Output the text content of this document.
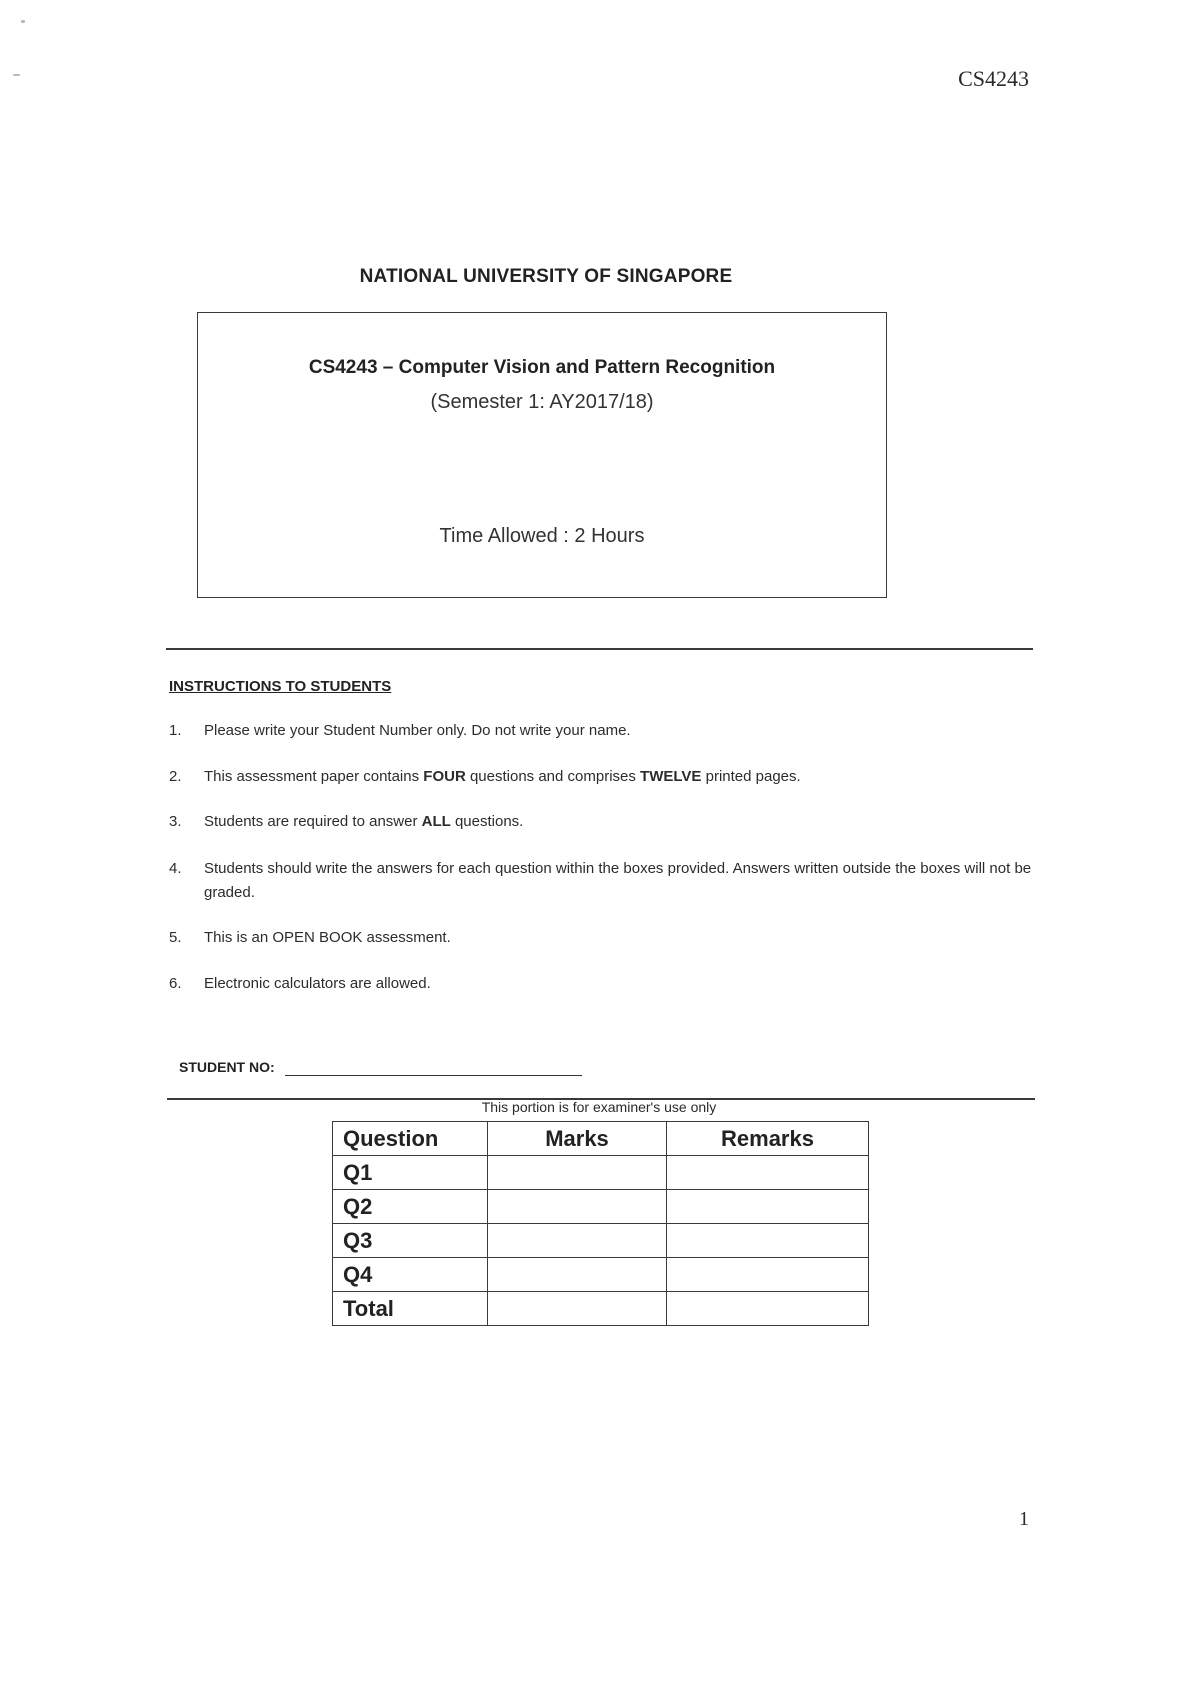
CS4243
NATIONAL UNIVERSITY OF SINGAPORE
CS4243 – Computer Vision and Pattern Recognition
(Semester 1: AY2017/18)
Time Allowed : 2 Hours
INSTRUCTIONS TO STUDENTS
1.	Please write your Student Number only. Do not write your name.
2.	This assessment paper contains FOUR questions and comprises TWELVE printed pages.
3.	Students are required to answer ALL questions.
4.	Students should write the answers for each question within the boxes provided. Answers written outside the boxes will not be graded.
5.	This is an OPEN BOOK assessment.
6.	Electronic calculators are allowed.
STUDENT NO:
This portion is for examiner's use only
Question	Marks	Remarks
Q1		
Q2		
Q3		
Q4		
Total		
1
